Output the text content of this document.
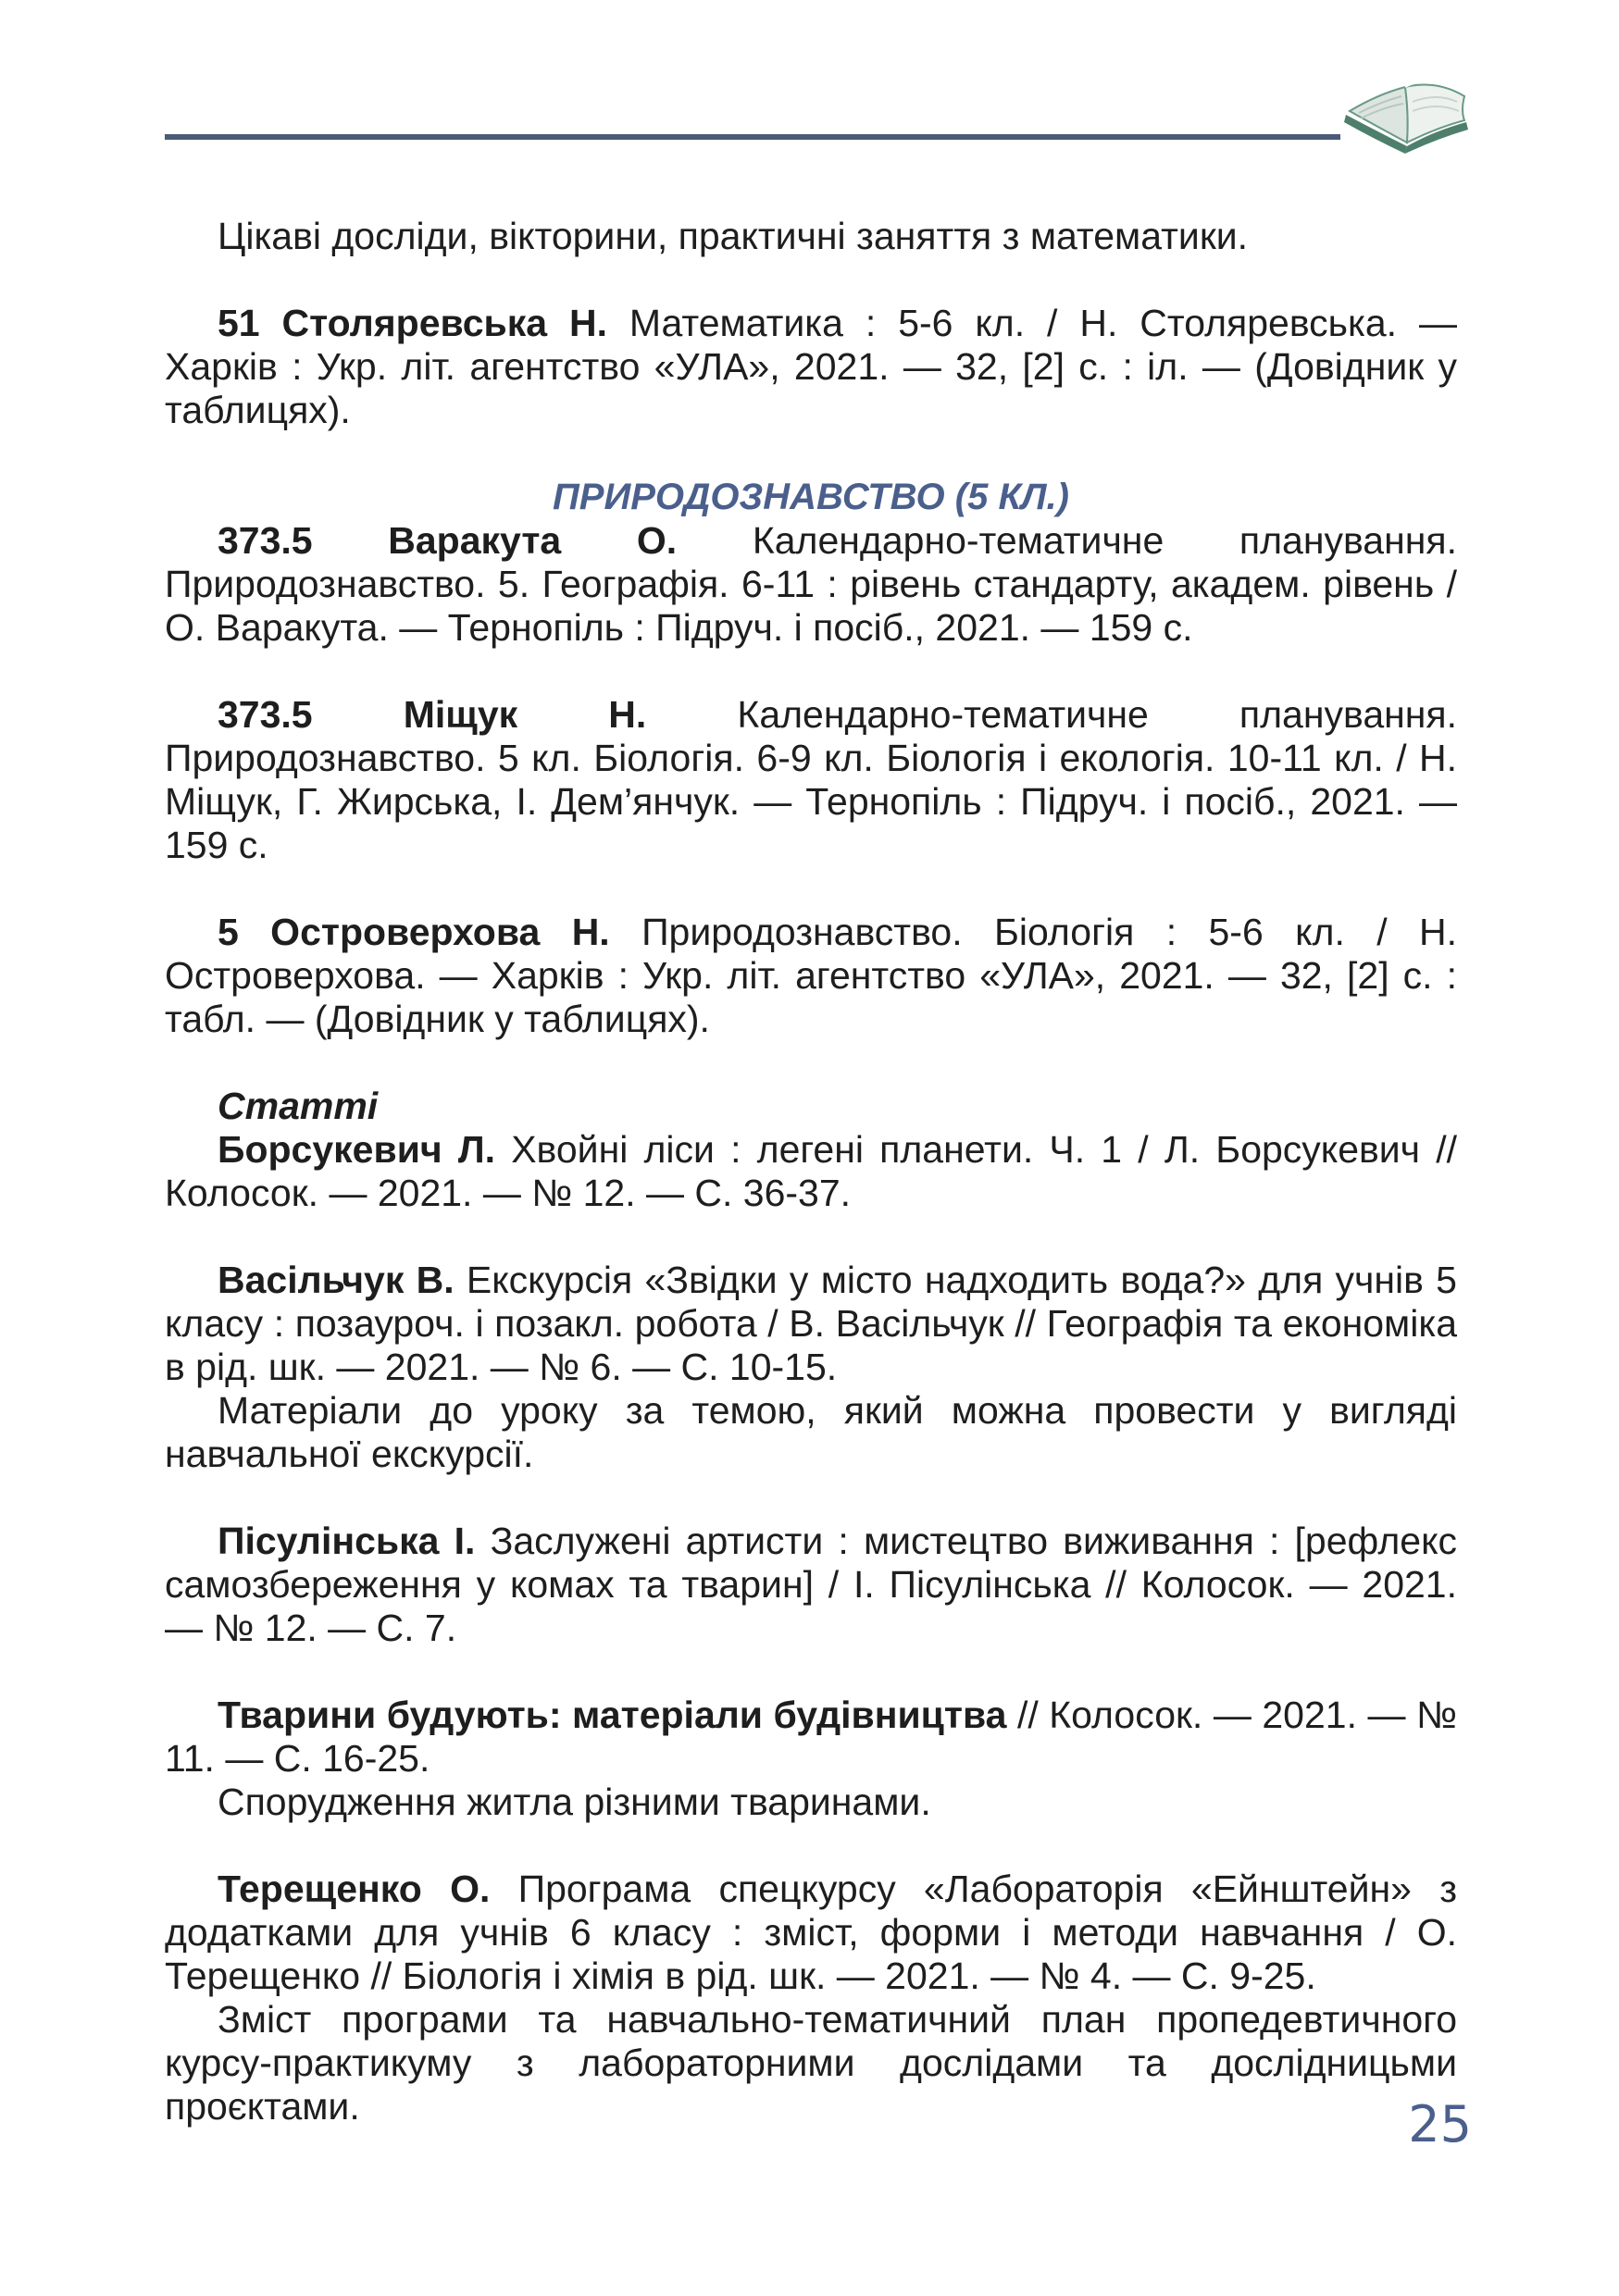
Цікаві досліди, вікторини, практичні заняття з математики.

51 Столяревська Н. Математика : 5-6 кл. / Н. Столяревська. — Харків : Укр. літ. агентство «УЛА», 2021. — 32, [2] с. : іл. — (Довідник у таблицях).

ПРИРОДОЗНАВСТВО (5 КЛ.)

373.5 Варакута О. Календарно-тематичне планування. Природознавство. 5. Географія. 6-11 : рівень стандарту, академ. рівень / О. Варакута. — Тернопіль : Підруч. і посіб., 2021. — 159 с.

373.5 Міщук Н. Календарно-тематичне планування. Природознавство. 5 кл. Біологія. 6-9 кл. Біологія і екологія. 10-11 кл. / Н. Міщук, Г. Жирська, І. Дем’янчук. — Тернопіль : Підруч. і посіб., 2021. — 159 с.

5 Островерхова Н. Природознавство. Біологія : 5-6 кл. / Н. Островерхова. — Харків : Укр. літ. агентство «УЛА», 2021. — 32, [2] с. : табл. — (Довідник у таблицях).

Статті

Борсукевич Л. Хвойні ліси : легені планети. Ч. 1 / Л. Борсукевич // Колосок. — 2021. — № 12. — С. 36-37.

Васільчук В. Екскурсія «Звідки у місто надходить вода?» для учнів 5 класу : позауроч. і позакл. робота / В. Васільчук // Географія та економіка в рід. шк. — 2021. — № 6. — С. 10-15.

Матеріали до уроку за темою, який можна провести у вигляді навчальної екскурсії.

Пісулінська І. Заслужені артисти : мистецтво виживання : [рефлекс самозбереження у комах та тварин] / І. Пісулінська // Колосок. — 2021. — № 12. — С. 7.

Тварини будують: матеріали будівництва // Колосок. — 2021. — № 11. — С. 16-25.

Спорудження житла різними тваринами.

Терещенко О. Програма спецкурсу «Лабораторія «Ейнштейн» з додатками для учнів 6 класу : зміст, форми і методи навчання / О. Терещенко // Біологія і хімія в рід. шк. — 2021. — № 4. — С. 9-25.

Зміст програми та навчально-тематичний план пропедевтичного курсу-практикуму з лабораторними дослідами та дослідницьми проєктами.	25
